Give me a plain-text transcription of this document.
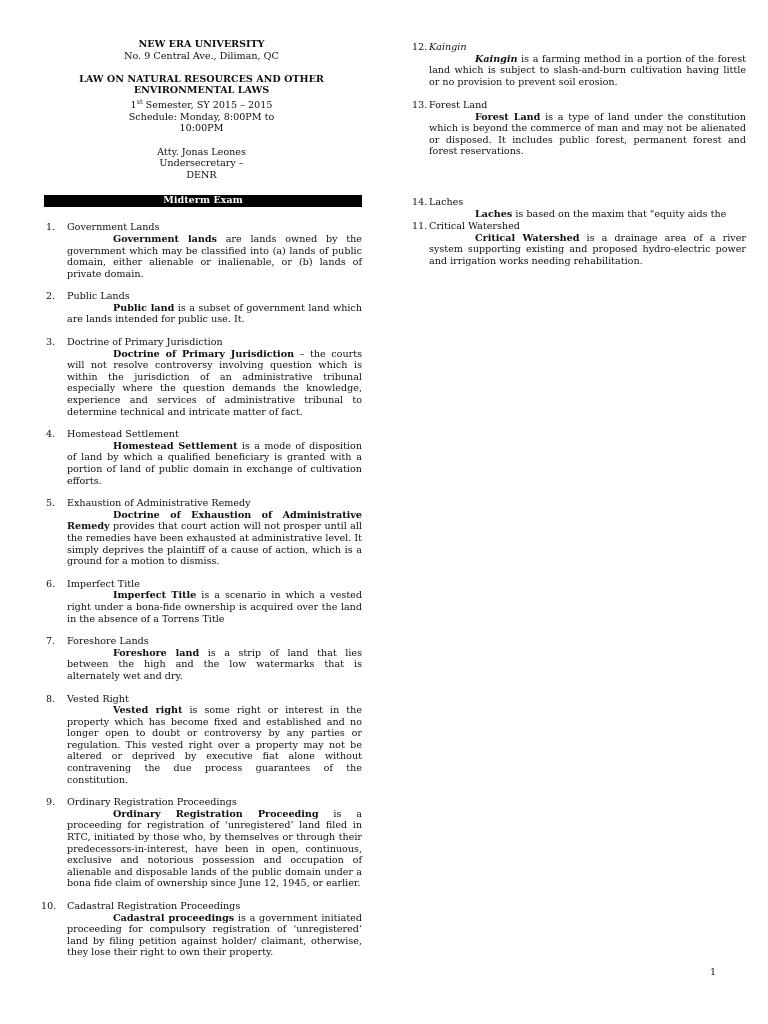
NEW ERA UNIVERSITY

No. 9 Central Ave., Diliman, QC

LAW ON NATURAL RESOURCES AND OTHER

ENVIRONMENTAL LAWS

1st Semester, SY 2015 – 2015

Schedule: Monday, 8:00PM to

10:00PM

Atty. Jonas Leones

Undersecretary –

DENR

Midterm Exam
1. Government Lands
Government lands are lands owned by the government which may be classified into (a) lands of public domain, either alienable or inalienable, or (b) lands of private domain.
2. Public Lands
Public land is a subset of government land which are lands intended for public use. It.
3. Doctrine of Primary Jurisdiction
Doctrine of Primary Jurisdiction – the courts will not resolve controversy involving question which is within the jurisdiction of an administrative tribunal especially where the question demands the knowledge, experience and services of administrative tribunal to determine technical and intricate matter of fact.
4. Homestead Settlement
Homestead Settlement is a mode of disposition of land by which a qualified beneficiary is granted with a portion of land of public domain in exchange of cultivation efforts.
5. Exhaustion of Administrative Remedy
Doctrine of Exhaustion of Administrative
Remedy provides that court action will not prosper until all the remedies have been exhausted at administrative level. It simply deprives the plaintiff of a cause of action, which is a ground for a motion to dismiss.
6. Imperfect Title
Imperfect Title is a scenario in which a vested right under a bona-fide ownership is acquired over the land in the absence of a Torrens Title
7. Foreshore Lands
Foreshore land is a strip of land that lies between the high and the low watermarks that is alternately wet and dry.
8. Vested Right
Vested right is some right or interest in the property which has become fixed and established and no longer open to doubt or controversy by any parties or regulation. This vested right over a property may not be altered or deprived by executive fiat alone without contravening the due process guarantees of the constitution.
9. Ordinary Registration Proceedings
Ordinary Registration Proceeding is a proceeding for registration of ‘unregistered’ land filed in RTC, initiated by those who, by themselves or through their predecessors-in-interest, have been in open, continuous, exclusive and notorious possession and occupation of alienable and disposable lands of the public domain under a bona fide claim of ownership since June 12, 1945, or earlier.
10. Cadastral Registration Proceedings
Cadastral proceedings is a government initiated proceeding for compulsory registration of ‘unregistered’ land by filing petition against holder/ claimant, otherwise, they lose their right to own their property.
12. Kaingin
Kaingin is a farming method in a portion of the forest land which is subject to slash-and-burn cultivation having little or no provision to prevent soil erosion.
13. Forest Land
Forest Land is a type of land under the constitution which is beyond the commerce of man and may not be alienated or disposed. It includes public forest, permanent forest and forest reservations.
14. Laches
Laches is based on the maxim that "equity aids the
11. Critical Watershed
Critical Watershed is a drainage area of a river system supporting existing and proposed hydro-electric power and irrigation works needing rehabilitation.
1
